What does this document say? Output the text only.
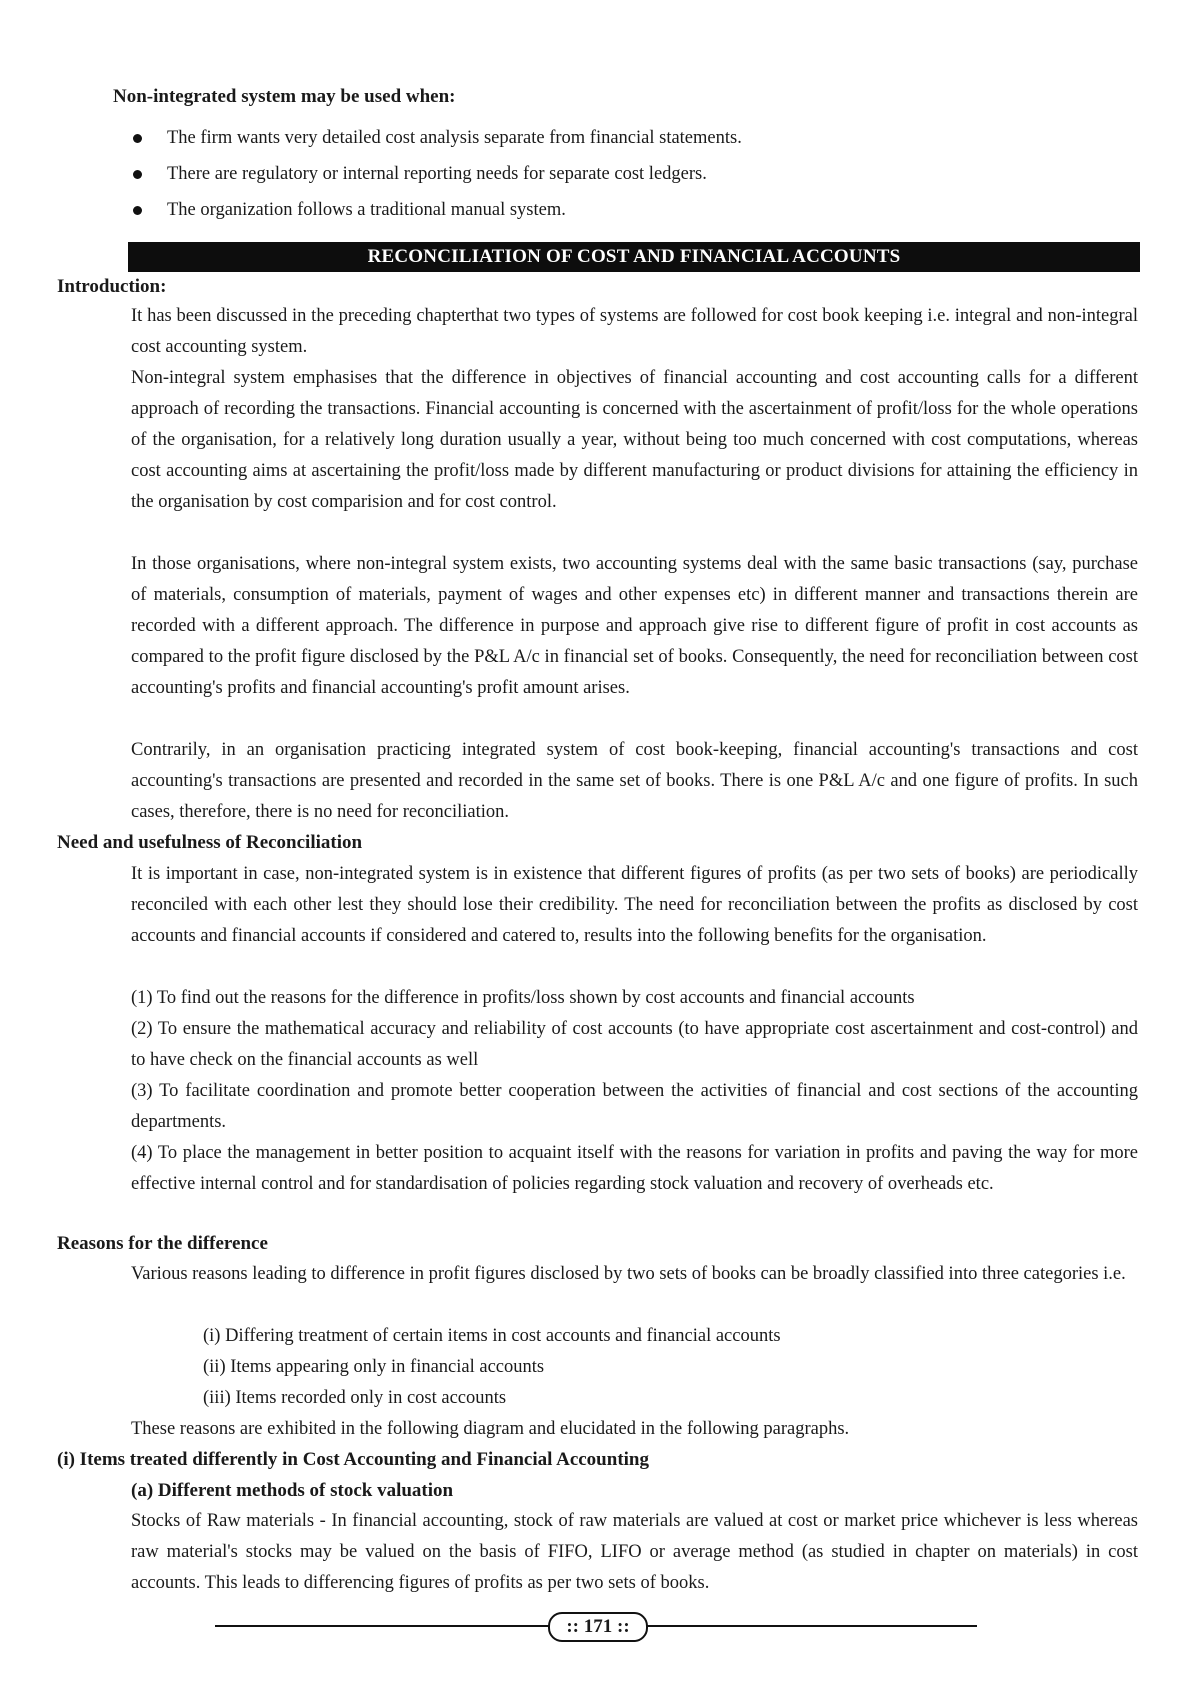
Non-integrated system may be used when:
The firm wants very detailed cost analysis separate from financial statements.
There are regulatory or internal reporting needs for separate cost ledgers.
The organization follows a traditional manual system.
RECONCILIATION OF COST AND FINANCIAL ACCOUNTS
Introduction:

It has been discussed in the preceding chapterthat two types of systems are followed for cost book keeping i.e. integral and non-integral cost accounting system.

Non-integral system emphasises that the difference in objectives of financial accounting and cost accounting calls for a different approach of recording the transactions. Financial accounting is concerned with the ascertainment of profit/loss for the whole operations of the organisation, for a relatively long duration usually a year, without being too much concerned with cost computations, whereas cost accounting aims at ascertaining the profit/loss made by different manufacturing or product divisions for attaining the efficiency in the organisation by cost comparision and for cost control.

In those organisations, where non-integral system exists, two accounting systems deal with the same basic transactions (say, purchase of materials, consumption of materials, payment of wages and other expenses etc) in different manner and transactions therein are recorded with a different approach. The difference in purpose and approach give rise to different figure of profit in cost accounts as compared to the profit figure disclosed by the P&L A/c in financial set of books. Consequently, the need for reconciliation between cost accounting's profits and financial accounting's profit amount arises.

Contrarily, in an organisation practicing integrated system of cost book-keeping, financial accounting's transactions and cost accounting's transactions are presented and recorded in the same set of books. There is one P&L A/c and one figure of profits. In such cases, therefore, there is no need for reconciliation.

Need and usefulness of Reconciliation

It is important in case, non-integrated system is in existence that different figures of profits (as per two sets of books) are periodically reconciled with each other lest they should lose their credibility. The need for reconciliation between the profits as disclosed by cost accounts and financial accounts if considered and catered to, results into the following benefits for the organisation.

(1) To find out the reasons for the difference in profits/loss shown by cost accounts and financial accounts

(2) To ensure the mathematical accuracy and reliability of cost accounts (to have appropriate cost ascertainment and cost-control) and to have check on the financial accounts as well

(3) To facilitate coordination and promote better cooperation between the activities of financial and cost sections of the accounting departments.

(4) To place the management in better position to acquaint itself with the reasons for variation in profits and paving the way for more effective internal control and for standardisation of policies regarding stock valuation and recovery of overheads etc.

Reasons for the difference

Various reasons leading to difference in profit figures disclosed by two sets of books can be broadly classified into three categories i.e.

(i) Differing treatment of certain items in cost accounts and financial accounts

(ii) Items appearing only in financial accounts

(iii) Items recorded only in cost accounts

These reasons are exhibited in the following diagram and elucidated in the following paragraphs.

(i) Items treated differently in Cost Accounting and Financial Accounting
(a) Different methods of stock valuation

Stocks of Raw materials - In financial accounting, stock of raw materials are valued at cost or market price whichever is less whereas raw material's stocks may be valued on the basis of FIFO, LIFO or average method (as studied in chapter on materials) in cost accounts. This leads to differencing figures of profits as per two sets of books.

:: 171 ::
